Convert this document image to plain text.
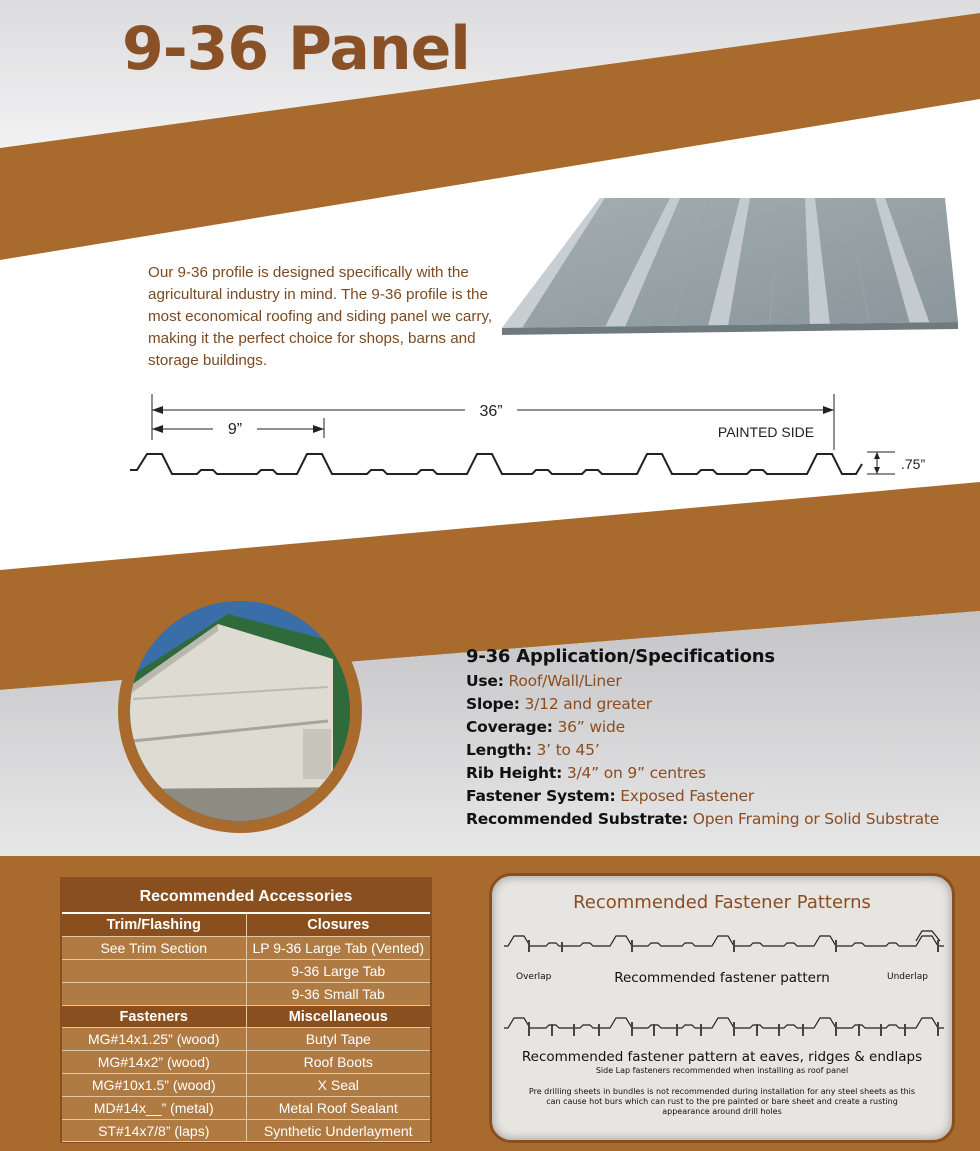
9-36 Panel
Our 9-36 profile is designed specifically with the agricultural industry in mind. The 9-36 profile is the most economical roofing and siding panel we carry, making it the perfect choice for shops, barns and storage buildings.
36”
9”	PAINTED SIDE
.75”
9-36 Application/Specifications
Use: Roof/Wall/Liner
Slope: 3/12 and greater
Coverage: 36” wide
Length: 3’ to 45’
Rib Height: 3/4” on 9” centres
Fastener System: Exposed Fastener
Recommended Substrate: Open Framing or Solid Substrate
Recommended Accessories
Trim/Flashing	Closures
See Trim Section	LP 9-36 Large Tab (Vented)
	9-36 Large Tab
	9-36 Small Tab
Fasteners	Miscellaneous
MG#14x1.25” (wood)	Butyl Tape
MG#14x2” (wood)	Roof Boots
MG#10x1.5” (wood)	X Seal
MD#14x__” (metal)	Metal Roof Sealant
ST#14x7/8” (laps)	Synthetic Underlayment
Recommended Fastener Patterns
Overlap	Underlap
Recommended fastener pattern
Recommended fastener pattern at eaves, ridges & endlaps
Side Lap fasteners recommended when installing as roof panel
Pre drilling sheets in bundles is not recommended during installation for any steel sheets as this can cause hot burs which can rust to the pre painted or bare sheet and create a rusting appearance around drill holes
